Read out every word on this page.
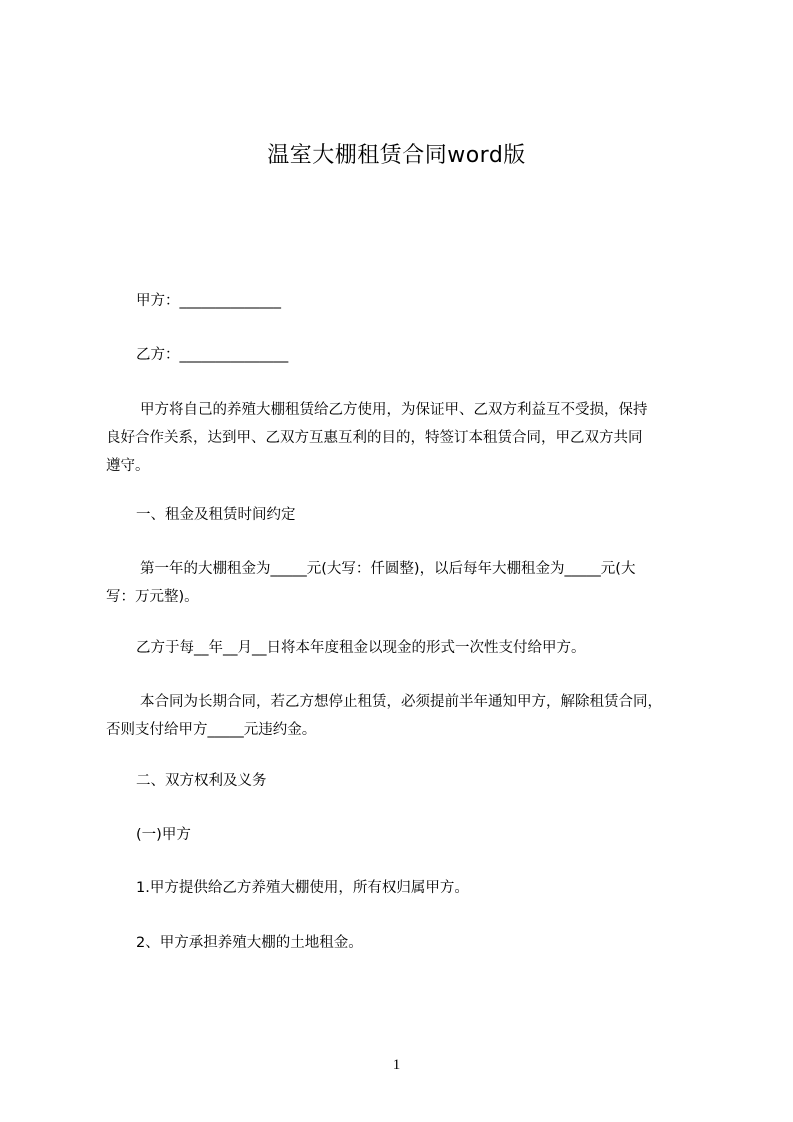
温室大棚租赁合同word版
甲方：______________
乙方：_______________
甲方将自己的养殖大棚租赁给乙方使用，为保证甲、乙双方利益互不受损，保持
良好合作关系，达到甲、乙双方互惠互利的目的，特签订本租赁合同，甲乙双方共同
遵守。
一、租金及租赁时间约定
第一年的大棚租金为_____元(大写：仟圆整)，以后每年大棚租金为_____元(大
写：万元整)。
乙方于每__年__月__日将本年度租金以现金的形式一次性支付给甲方。
本合同为长期合同，若乙方想停止租赁，必须提前半年通知甲方，解除租赁合同，
否则支付给甲方_____元违约金。
二、双方权利及义务
(一)甲方
1.甲方提供给乙方养殖大棚使用，所有权归属甲方。
2、甲方承担养殖大棚的土地租金。
1
